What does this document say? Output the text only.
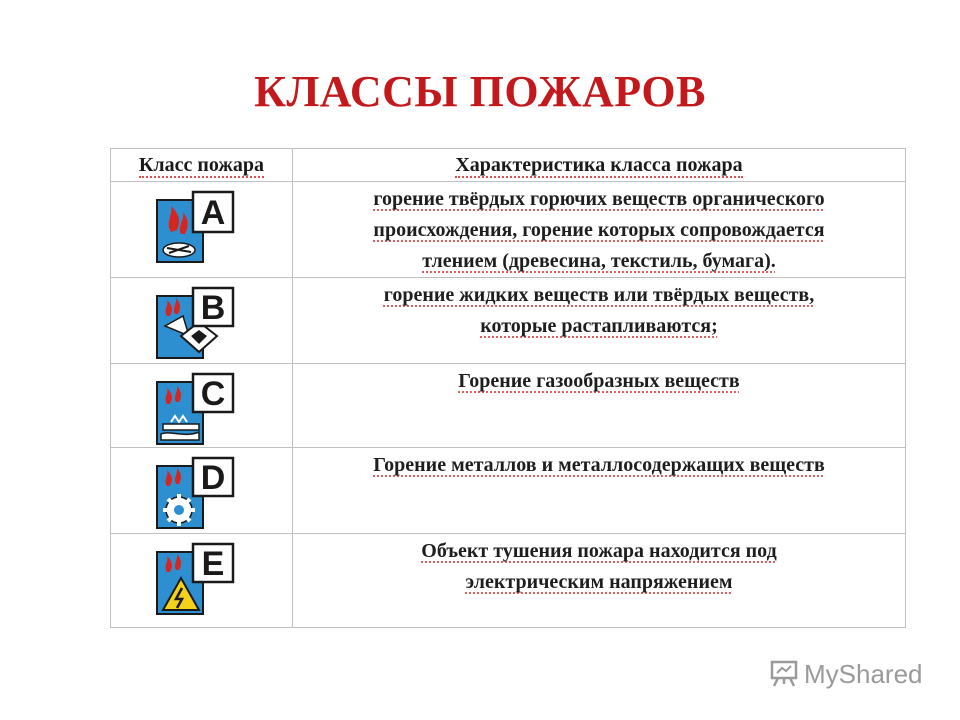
КЛАССЫ ПОЖАРОВ
Класс пожара	Характеристика класса пожара

A	горение твёрдых горючих веществ органического
происхождения, горение которых сопровождается
тлением (древесина, текстиль, бумага).

B	горение жидких веществ или твёрдых веществ,
которые растапливаются;

C	Горение газообразных веществ

D	Горение металлов и металлосодержащих веществ

E	Объект тушения пожара находится под
электрическим напряжением
MyShared
